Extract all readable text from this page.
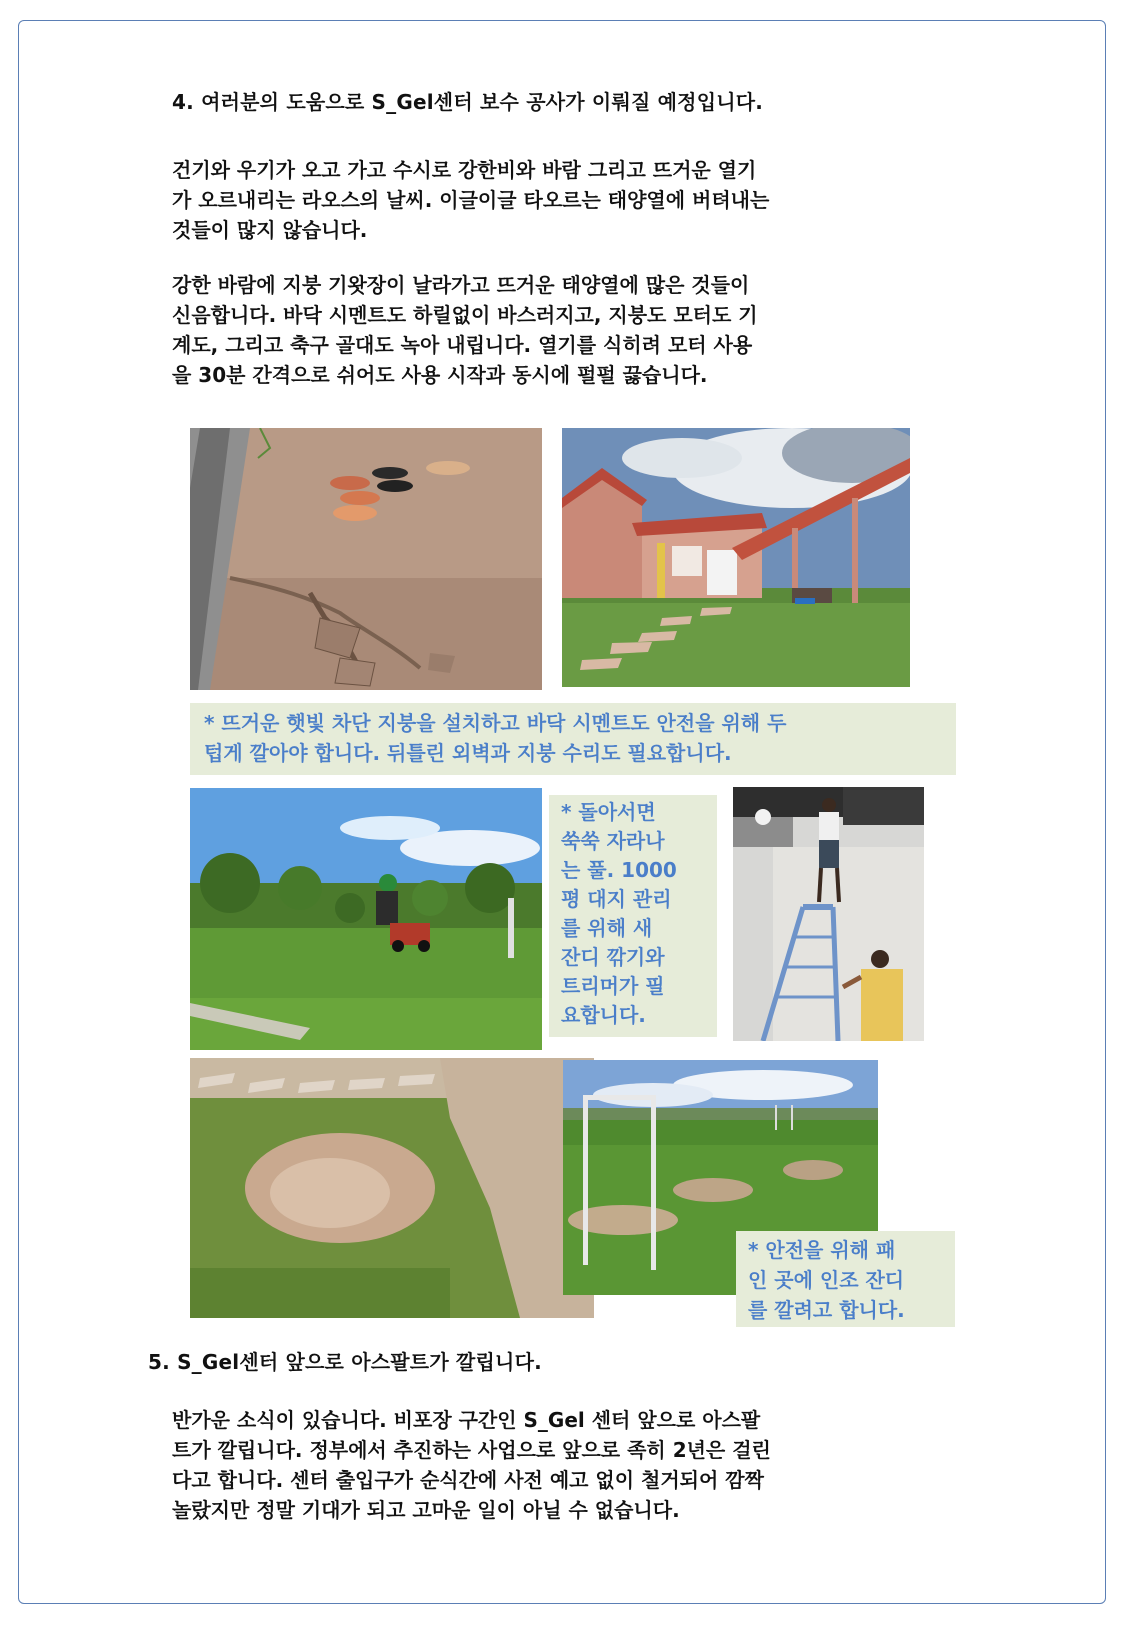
4. 여러분의 도움으로 S_Gel센터 보수 공사가 이뤄질 예정입니다.
건기와 우기가 오고 가고 수시로 강한비와 바람 그리고 뜨거운 열기
가 오르내리는 라오스의 날씨. 이글이글 타오르는 태양열에 버텨내는
것들이 많지 않습니다.
강한 바람에 지붕 기왓장이 날라가고 뜨거운 태양열에 많은 것들이
신음합니다. 바닥 시멘트도 하릴없이 바스러지고, 지붕도 모터도 기
계도, 그리고 축구 골대도 녹아 내립니다. 열기를 식히려 모터 사용
을 30분 간격으로 쉬어도 사용 시작과 동시에 펄펄 끓습니다.
* 뜨거운 햇빛 차단 지붕을 설치하고 바닥 시멘트도 안전을 위해 두
텁게 깔아야 합니다. 뒤틀린 외벽과 지붕 수리도 필요합니다.
* 돌아서면
쑥쑥 자라나
는 풀. 1000
평 대지 관리
를 위해 새
잔디 깎기와
트리머가 필
요합니다.
* 안전을 위해 패
인 곳에 인조 잔디
를 깔려고 합니다.
5. S_Gel센터 앞으로 아스팔트가 깔립니다.
반가운 소식이 있습니다. 비포장 구간인 S_Gel 센터 앞으로 아스팔
트가 깔립니다. 정부에서 추진하는 사업으로 앞으로 족히 2년은 걸린
다고 합니다. 센터 출입구가 순식간에 사전 예고 없이 철거되어 깜짝
놀랐지만 정말 기대가 되고 고마운 일이 아닐 수 없습니다.
